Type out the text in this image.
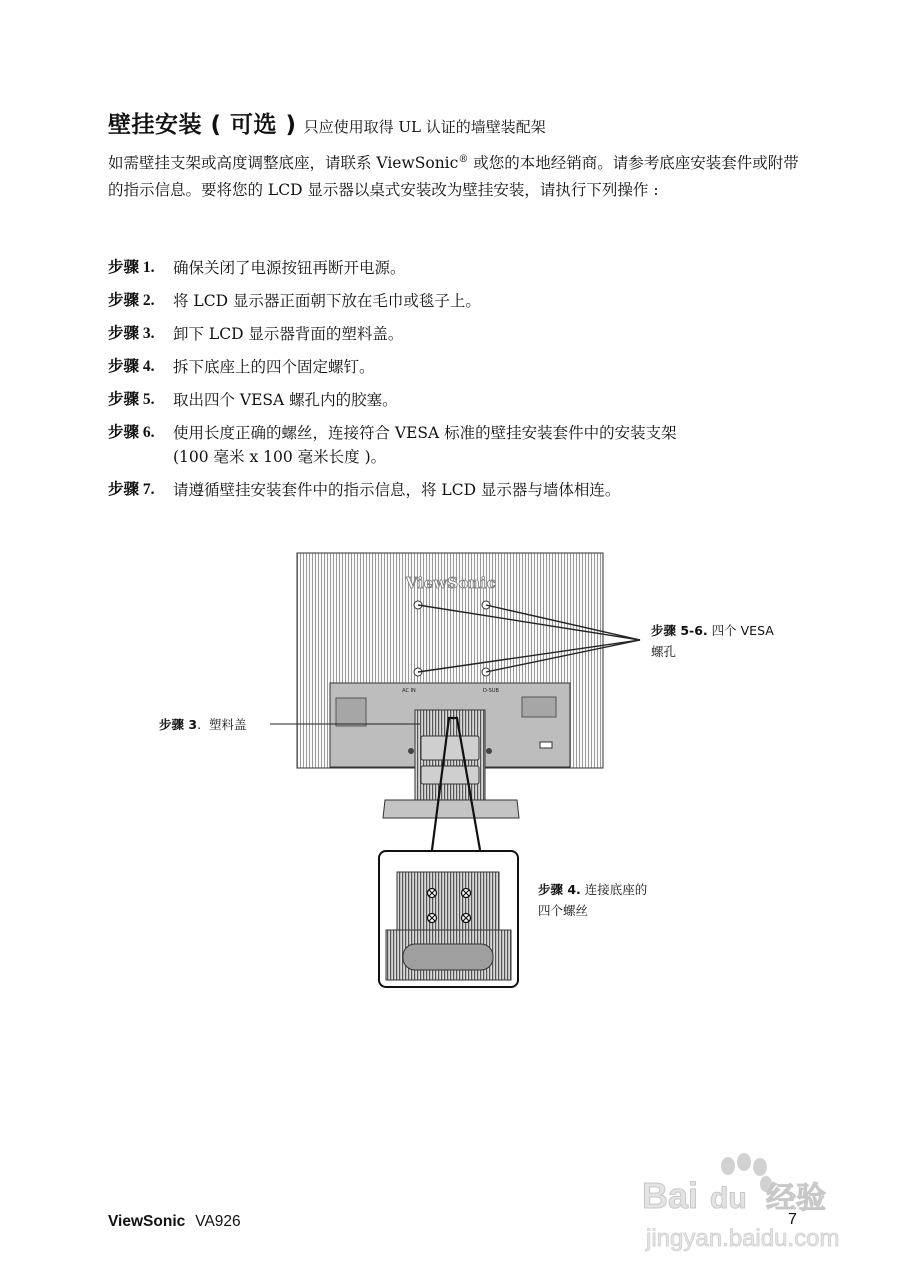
壁挂安装 ( 可选 ) 只应使用取得 UL 认证的墙壁装配架

如需壁挂支架或高度调整底座，请联系 ViewSonic® 或您的本地经销商。请参考底座安装套件或附带的指示信息。要将您的 LCD 显示器以桌式安装改为壁挂安装，请执行下列操作 :

步骤 1.	确保关闭了电源按钮再断开电源。
步骤 2.	将 LCD 显示器正面朝下放在毛巾或毯子上。
步骤 3.	卸下 LCD 显示器背面的塑料盖。
步骤 4.	拆下底座上的四个固定螺钉。
步骤 5.	取出四个 VESA 螺孔内的胶塞。
步骤 6.	使用长度正确的螺丝，连接符合 VESA 标准的壁挂安装套件中的安装支架
(100 毫米 x 100 毫米长度 )。
步骤 7.	请遵循壁挂安装套件中的指示信息，将 LCD 显示器与墙体相连。
ViewSonic
AC IN	D-SUB
步骤 5-6. 四个 VESA
螺孔
步骤 3.  塑料盖
步骤 4. 连接底座的
四个螺丝
Bai du 经验
jingyan.baidu.com
ViewSonic VA926	7
